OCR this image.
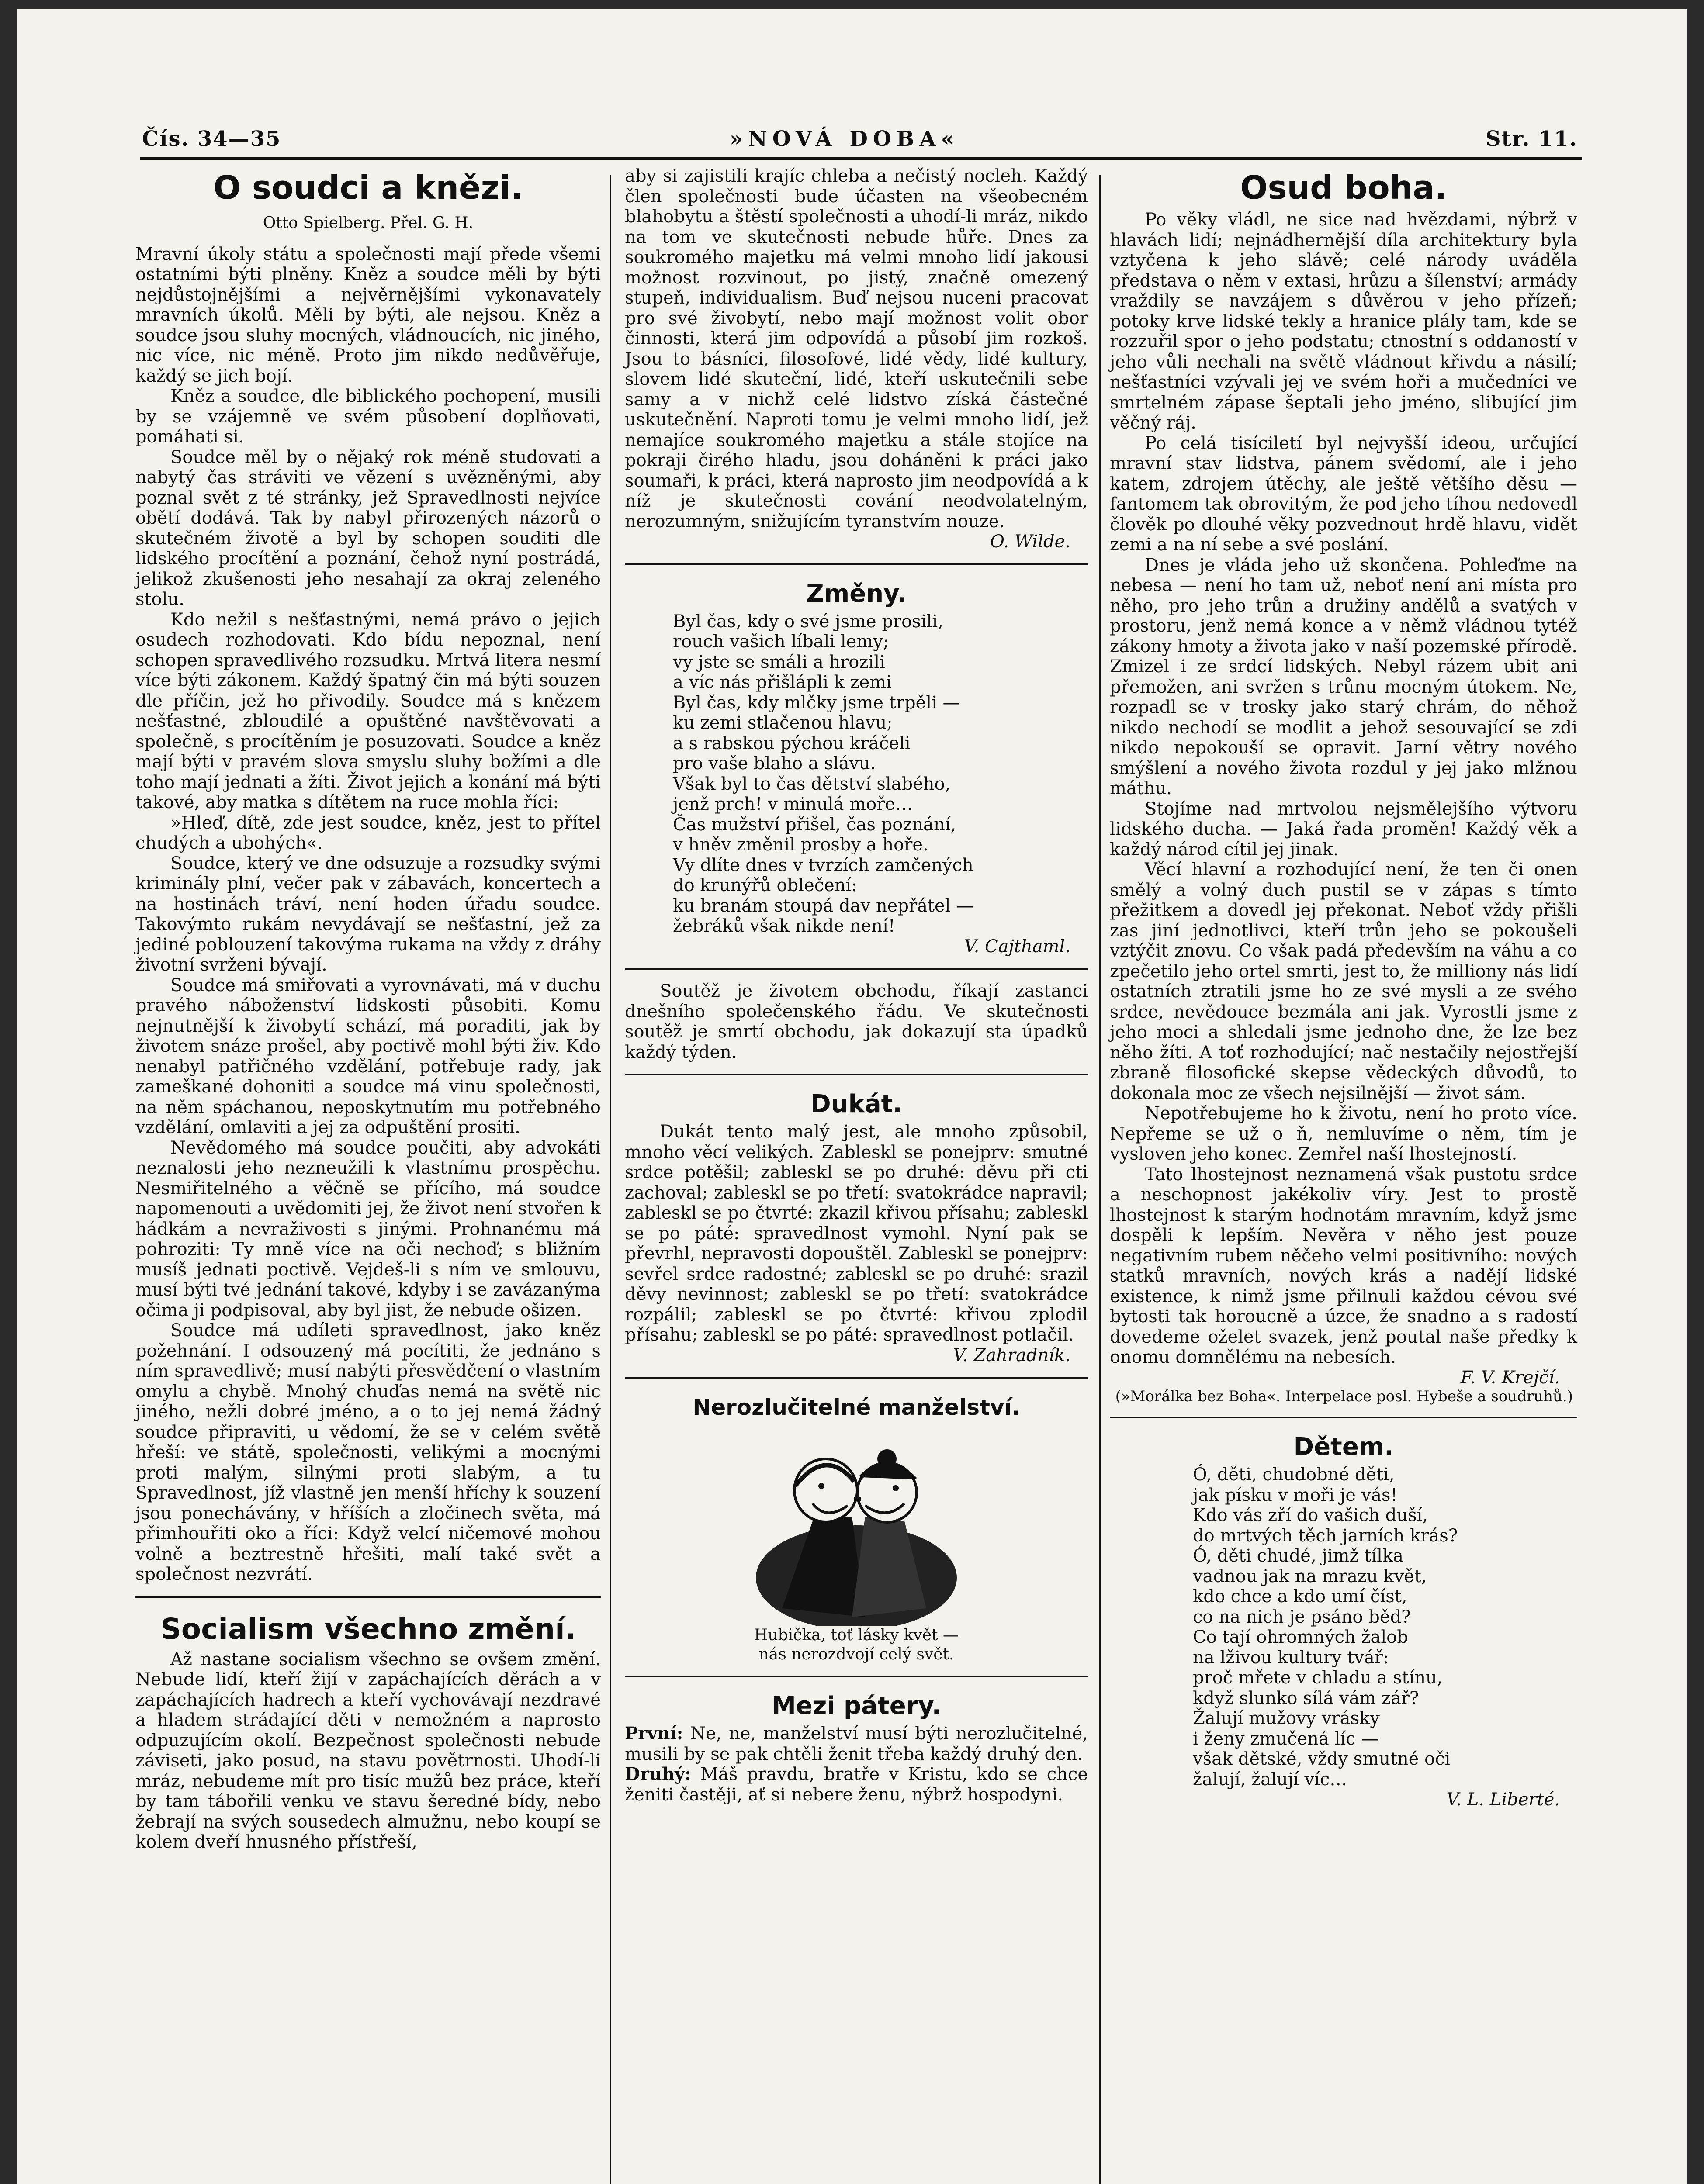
Čís. 34—35	»NOVÁ DOBA«	Str. 11.
O soudci a knězi.
Otto Spielberg. Přel. G. H.

Mravní úkoly státu a společnosti mají přede všemi ostatními býti plněny. Kněz a soudce měli by býti nejdůstojnějšími a nejvěrnějšími vykonavately mravních úkolů. Měli by býti, ale nejsou. Kněz a soudce jsou sluhy mocných, vládnoucích, nic jiného, nic více, nic méně. Proto jim nikdo nedůvěřuje, každý se jich bojí.

Kněz a soudce, dle biblického pochopení, musili by se vzájemně ve svém působení doplňovati, pomáhati si.

Soudce měl by o nějaký rok méně studovati a nabytý čas stráviti ve vězení s uvězněnými, aby poznal svět z té stránky, jež Spravedlnosti nejvíce obětí dodává. Tak by nabyl přirozených názorů o skutečném životě a byl by schopen souditi dle lidského procítění a poznání, čehož nyní postrádá, jelikož zkušenosti jeho nesahají za okraj zeleného stolu.

Kdo nežil s nešťastnými, nemá právo o jejich osudech rozhodovati. Kdo bídu nepoznal, není schopen spravedlivého rozsudku. Mrtvá litera nesmí více býti zákonem. Každý špatný čin má býti souzen dle příčin, jež ho přivodily. Soudce má s knězem nešťastné, zbloudilé a opuštěné navštěvovati a společně, s procítěním je posuzovati. Soudce a kněz mají býti v pravém slova smyslu sluhy božími a dle toho mají jednati a žíti. Život jejich a konání má býti takové, aby matka s dítětem na ruce mohla říci:

»Hleď, dítě, zde jest soudce, kněz, jest to přítel chudých a ubohých«.

Soudce, který ve dne odsuzuje a rozsudky svými kriminály plní, večer pak v zábavách, koncertech a na hostinách tráví, není hoden úřadu soudce. Takovýmto rukám nevydávají se nešťastní, jež za jediné poblouzení takovýma rukama na vždy z dráhy životní svrženi bývají.

Soudce má smiřovati a vyrovnávati, má v duchu pravého náboženství lidskosti působiti. Komu nejnutnější k živobytí schází, má poraditi, jak by životem snáze prošel, aby poctivě mohl býti živ. Kdo nenabyl patřičného vzdělání, potřebuje rady, jak zameškané dohoniti a soudce má vinu společnosti, na něm spáchanou, neposkytnutím mu potřebného vzdělání, omlaviti a jej za odpuštění prositi.

Nevědomého má soudce poučiti, aby advokáti neznalosti jeho nezneužili k vlastnímu prospěchu. Nesmiřitelného a věčně se přícího, má soudce napomenouti a uvědomiti jej, že život není stvořen k hádkám a nevraživosti s jinými. Prohnanému má pohroziti: Ty mně více na oči nechoď; s bližním musíš jednati poctivě. Vejdeš-li s ním ve smlouvu, musí býti tvé jednání takové, kdyby i se zavázanýma očima ji podpisoval, aby byl jist, že nebude ošizen.

Soudce má udíleti spravedlnost, jako kněz požehnání. I odsouzený má pocítiti, že jednáno s ním spravedlivě; musí nabýti přesvědčení o vlastním omylu a chybě. Mnohý chuďas nemá na světě nic jiného, nežli dobré jméno, a o to jej nemá žádný soudce připraviti, u vědomí, že se v celém světě hřeší: ve státě, společnosti, velikými a mocnými proti malým, silnými proti slabým, a tu Spravedlnost, jíž vlastně jen menší hříchy k souzení jsou ponechávány, v hříších a zločinech světa, má přimhouřiti oko a říci: Když velcí ničemové mohou volně a beztrestně hřešiti, malí také svět a společnost nezvrátí.

Socialism všechno změní.

Až nastane socialism všechno se ovšem změní. Nebude lidí, kteří žijí v zapáchajících děrách a v zapáchajících hadrech a kteří vychovávají nezdravé a hladem strádající děti v nemožném a naprosto odpuzujícím okolí. Bezpečnost společnosti nebude záviseti, jako posud, na stavu povětrnosti. Uhodí-li mráz, nebudeme mít pro tisíc mužů bez práce, kteří by tam tábořili venku ve stavu šeredné bídy, nebo žebrají na svých sousedech almužnu, nebo koupí se kolem dveří hnusného přístřeší,

aby si zajistili krajíc chleba a nečistý nocleh. Každý člen společnosti bude účasten na všeobecném blahobytu a štěstí společnosti a uhodí-li mráz, nikdo na tom ve skutečnosti nebude hůře. Dnes za soukromého majetku má velmi mnoho lidí jakousi možnost rozvinout, po jistý, značně omezený stupeň, individualism. Buď nejsou nuceni pracovat pro své živobytí, nebo mají možnost volit obor činnosti, která jim odpovídá a působí jim rozkoš. Jsou to básníci, filosofové, lidé vědy, lidé kultury, slovem lidé skuteční, lidé, kteří uskutečnili sebe samy a v nichž celé lidstvo získá částečné uskutečnění. Naproti tomu je velmi mnoho lidí, jež nemajíce soukromého majetku a stále stojíce na pokraji čirého hladu, jsou doháněni k práci jako soumaři, k práci, která naprosto jim neodpovídá a k níž je skutečnosti cování neodvolatelným, nerozumným, snižujícím tyranstvím nouze.

O. Wilde.
Změny.

Byl čas, kdy o své jsme prosili,
rouch vašich líbali lemy;
vy jste se smáli a hrozili
a víc nás přišlápli k zemi

Byl čas, kdy mlčky jsme trpěli —
ku zemi stlačenou hlavu;
a s rabskou pýchou kráčeli
pro vaše blaho a slávu.

Však byl to čas dětství slabého,
jenž prch! v minulá moře…
Čas mužství přišel, čas poznání,
v hněv změnil prosby a hoře.

Vy dlíte dnes v tvrzích zamčených
do krunýřů oblečení:
ku branám stoupá dav nepřátel —
žebráků však nikde není!

V. Cajthaml.

Soutěž je životem obchodu, říkají zastanci dnešního společenského řádu. Ve skutečnosti soutěž je smrtí obchodu, jak dokazují sta úpadků každý týden.

Dukát.

Dukát tento malý jest, ale mnoho způsobil, mnoho věcí velikých. Zableskl se ponejprv: smutné srdce potěšil; zableskl se po druhé: děvu při cti zachoval; zableskl se po třetí: svatokrádce napravil; zableskl se po čtvrté: zkazil křivou přísahu; zableskl se po páté: spravedlnost vymohl. Nyní pak se převrhl, nepravosti dopouštěl. Zableskl se ponejprv: sevřel srdce radostné; zableskl se po druhé: srazil děvy nevinnost; zableskl se po třetí: svatokrádce rozpálil; zableskl se po čtvrté: křivou zplodil přísahu; zableskl se po páté: spravedlnost potlačil.

V. Zahradník.
Nerozlučitelné manželství.
Hubička, toť lásky květ —
nás nerozdvojí celý svět.
Mezi pátery.

První: Ne, ne, manželství musí býti nerozlučitelné, musili by se pak chtěli ženit třeba každý druhý den.

Druhý: Máš pravdu, bratře v Kristu, kdo se chce ženiti častěji, ať si nebere ženu, nýbrž hospodyni.

Osud boha.

Po věky vládl, ne sice nad hvězdami, nýbrž v hlavách lidí; nejnádhernější díla architektury byla vztyčena k jeho slávě; celé národy uváděla představa o něm v extasi, hrůzu a šílenství; armády vraždily se navzájem s důvěrou v jeho přízeň; potoky krve lidské tekly a hranice plály tam, kde se rozzuřil spor o jeho podstatu; ctnostní s oddaností v jeho vůli nechali na světě vládnout křivdu a násilí; nešťastníci vzývali jej ve svém hoři a mučedníci ve smrtelném zápase šeptali jeho jméno, slibující jim věčný ráj.

Po celá tisíciletí byl nejvyšší ideou, určující mravní stav lidstva, pánem svědomí, ale i jeho katem, zdrojem útěchy, ale ještě většího děsu — fantomem tak obrovitým, že pod jeho tíhou nedovedl člověk po dlouhé věky pozvednout hrdě hlavu, vidět zemi a na ní sebe a své poslání.

Dnes je vláda jeho už skončena. Pohleďme na nebesa — není ho tam už, neboť není ani místa pro něho, pro jeho trůn a družiny andělů a svatých v prostoru, jenž nemá konce a v němž vládnou tytéž zákony hmoty a života jako v naší pozemské přírodě. Zmizel i ze srdcí lidských. Nebyl rázem ubit ani přemožen, ani svržen s trůnu mocným útokem. Ne, rozpadl se v trosky jako starý chrám, do něhož nikdo nechodí se modlit a jehož sesouvající se zdi nikdo nepokouší se opravit. Jarní větry nového smýšlení a nového života rozdul y jej jako mlžnou máthu.

Stojíme nad mrtvolou nejsmělejšího výtvoru lidského ducha. — Jaká řada proměn! Každý věk a každý národ cítil jej jinak.

Věcí hlavní a rozhodující není, že ten či onen smělý a volný duch pustil se v zápas s tímto přežitkem a dovedl jej překonat. Neboť vždy přišli zas jiní jednotlivci, kteří trůn jeho se pokoušeli vztýčit znovu. Co však padá především na váhu a co zpečetilo jeho ortel smrti, jest to, že milliony nás lidí ostatních ztratili jsme ho ze své mysli a ze svého srdce, nevědouce bezmála ani jak. Vyrostli jsme z jeho moci a shledali jsme jednoho dne, že lze bez něho žíti. A toť rozhodující; nač nestačily nejostřejší zbraně filosofické skepse vědeckých důvodů, to dokonala moc ze všech nejsilnější — život sám.

Nepotřebujeme ho k životu, není ho proto více. Nepřeme se už o ň, nemluvíme o něm, tím je vysloven jeho konec. Zemřel naší lhostejností.

Tato lhostejnost neznamená však pustotu srdce a neschopnost jakékoliv víry. Jest to prostě lhostejnost k starým hodnotám mravním, když jsme dospěli k lepším. Nevěra v něho jest pouze negativním rubem něčeho velmi positivního: nových statků mravních, nových krás a nadějí lidské existence, k nimž jsme přilnuli každou cévou své bytosti tak horoucně a úzce, že snadno a s radostí dovedeme oželet svazek, jenž poutal naše předky k onomu domnělému na nebesích.

F. V. Krejčí.
(»Morálka bez Boha«. Interpelace posl. Hybeše a soudruhů.)
Dětem.

Ó, děti, chudobné děti,
jak písku v moři je vás!
Kdo vás zří do vašich duší,
do mrtvých těch jarních krás?

Ó, děti chudé, jimž tílka
vadnou jak na mrazu květ,
kdo chce a kdo umí číst,
co na nich je psáno běd?

Co tají ohromných žalob
na lživou kultury tvář:
proč mřete v chladu a stínu,
když slunko sílá vám zář?

Žalují mužovy vrásky
i ženy zmučená líc —
však dětské, vždy smutné oči
žalují, žalují víc…

V. L. Liberté.
